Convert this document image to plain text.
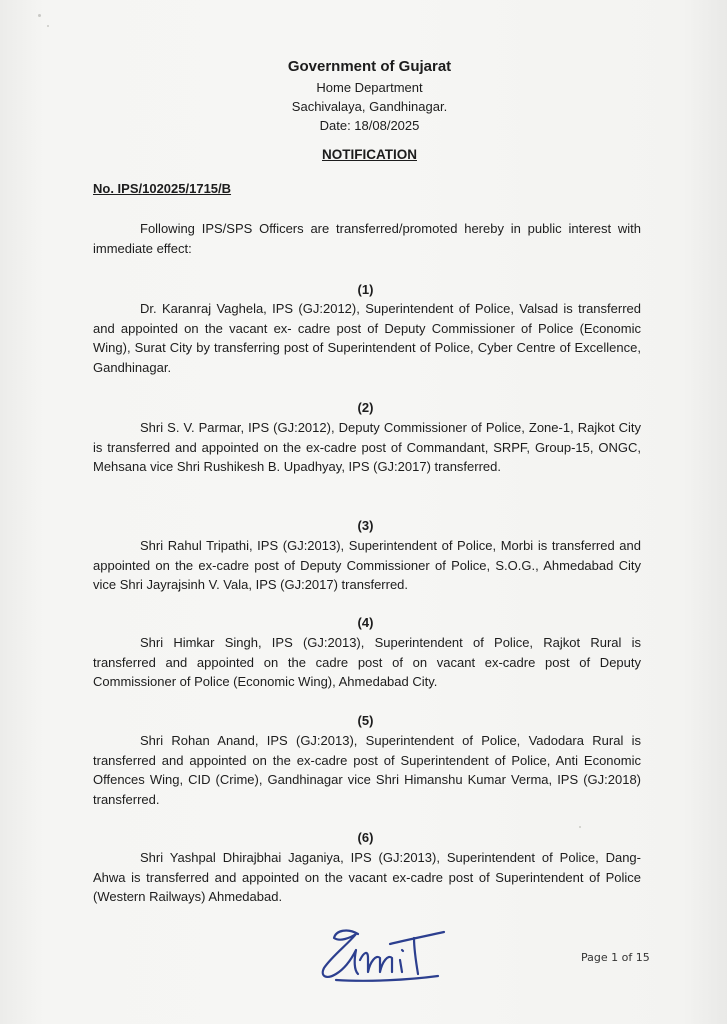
Government of Gujarat
Home Department
Sachivalaya, Gandhinagar.
Date: 18/08/2025
NOTIFICATION
No. IPS/102025/1715/B
Following IPS/SPS Officers are transferred/promoted hereby in public interest with immediate effect:
(1)
Dr. Karanraj Vaghela, IPS (GJ:2012), Superintendent of Police, Valsad is transferred and appointed on the vacant ex- cadre post of Deputy Commissioner of Police (Economic Wing), Surat City by transferring post of Superintendent of Police, Cyber Centre of Excellence, Gandhinagar.
(2)
Shri S. V. Parmar, IPS (GJ:2012), Deputy Commissioner of Police, Zone-1, Rajkot City is transferred and appointed on the ex-cadre post of Commandant, SRPF, Group-15, ONGC, Mehsana vice Shri Rushikesh B. Upadhyay, IPS (GJ:2017) transferred.
(3)
Shri Rahul Tripathi, IPS (GJ:2013), Superintendent of Police, Morbi is transferred and appointed on the ex-cadre post of Deputy Commissioner of Police, S.O.G., Ahmedabad City vice Shri Jayrajsinh V. Vala, IPS (GJ:2017) transferred.
(4)
Shri Himkar Singh, IPS (GJ:2013), Superintendent of Police, Rajkot Rural is transferred and appointed on the cadre post of on vacant ex-cadre post of Deputy Commissioner of Police (Economic Wing), Ahmedabad City.
(5)
Shri Rohan Anand, IPS (GJ:2013), Superintendent of Police, Vadodara Rural is transferred and appointed on the ex-cadre post of Superintendent of Police, Anti Economic Offences Wing, CID (Crime), Gandhinagar vice Shri Himanshu Kumar Verma, IPS (GJ:2018) transferred.
(6)
Shri Yashpal Dhirajbhai Jaganiya, IPS (GJ:2013), Superintendent of Police, Dang-Ahwa is transferred and appointed on the vacant ex-cadre post of Superintendent of Police (Western Railways) Ahmedabad.
Page 1 of 15
